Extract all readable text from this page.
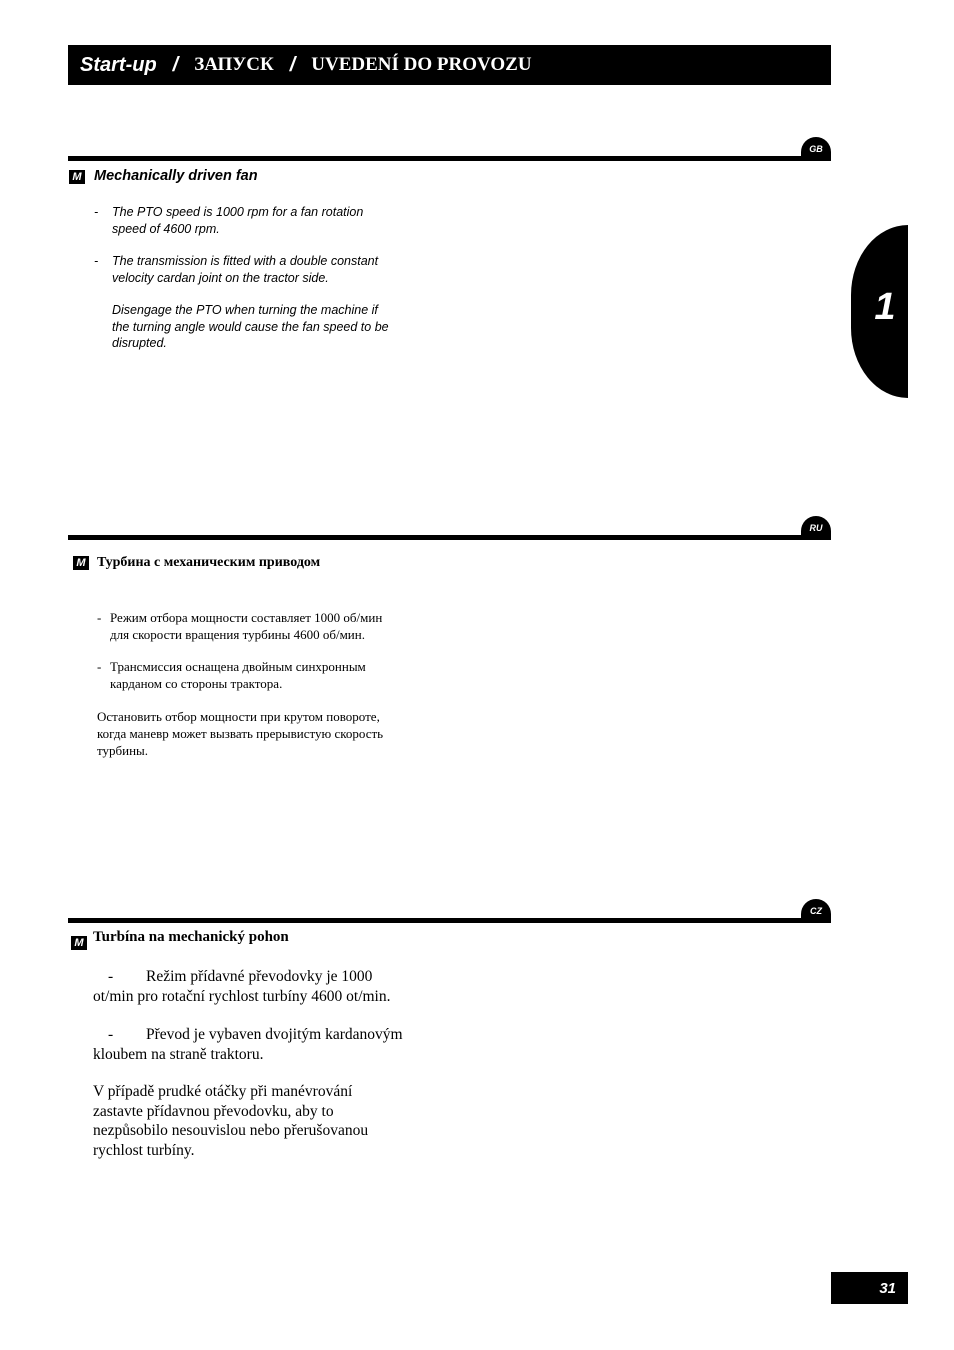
Start-up / ЗАПУСК / UVEDENÍ DO PROVOZU
1
GB
M Mechanically driven fan
- The PTO speed is 1000 rpm for a fan rotation
speed of 4600 rpm.
- The transmission is fitted with a double constant
velocity cardan joint on the tractor side.
Disengage the PTO when turning the machine if
the turning angle would cause the fan speed to be
disrupted.
RU
M Турбина с механическим приводом
- Режим отбора мощности составляет 1000 об/мин
для скорости вращения турбины 4600 об/мин.
- Трансмиссия оснащена двойным синхронным
карданом со стороны трактора.
Остановить отбор мощности при крутом повороте,
когда маневр может вызвать прерывистую скорость
турбины.
CZ
M Turbína na mechanický pohon
- Režim přídavné převodovky je 1000
ot/min pro rotační rychlost turbíny 4600 ot/min.
- Převod je vybaven dvojitým kardanovým
kloubem na straně traktoru.
V případě prudké otáčky při manévrování
zastavte přídavnou převodovku, aby to
nezpůsobilo nesouvislou nebo přerušovanou
rychlost turbíny.
31
